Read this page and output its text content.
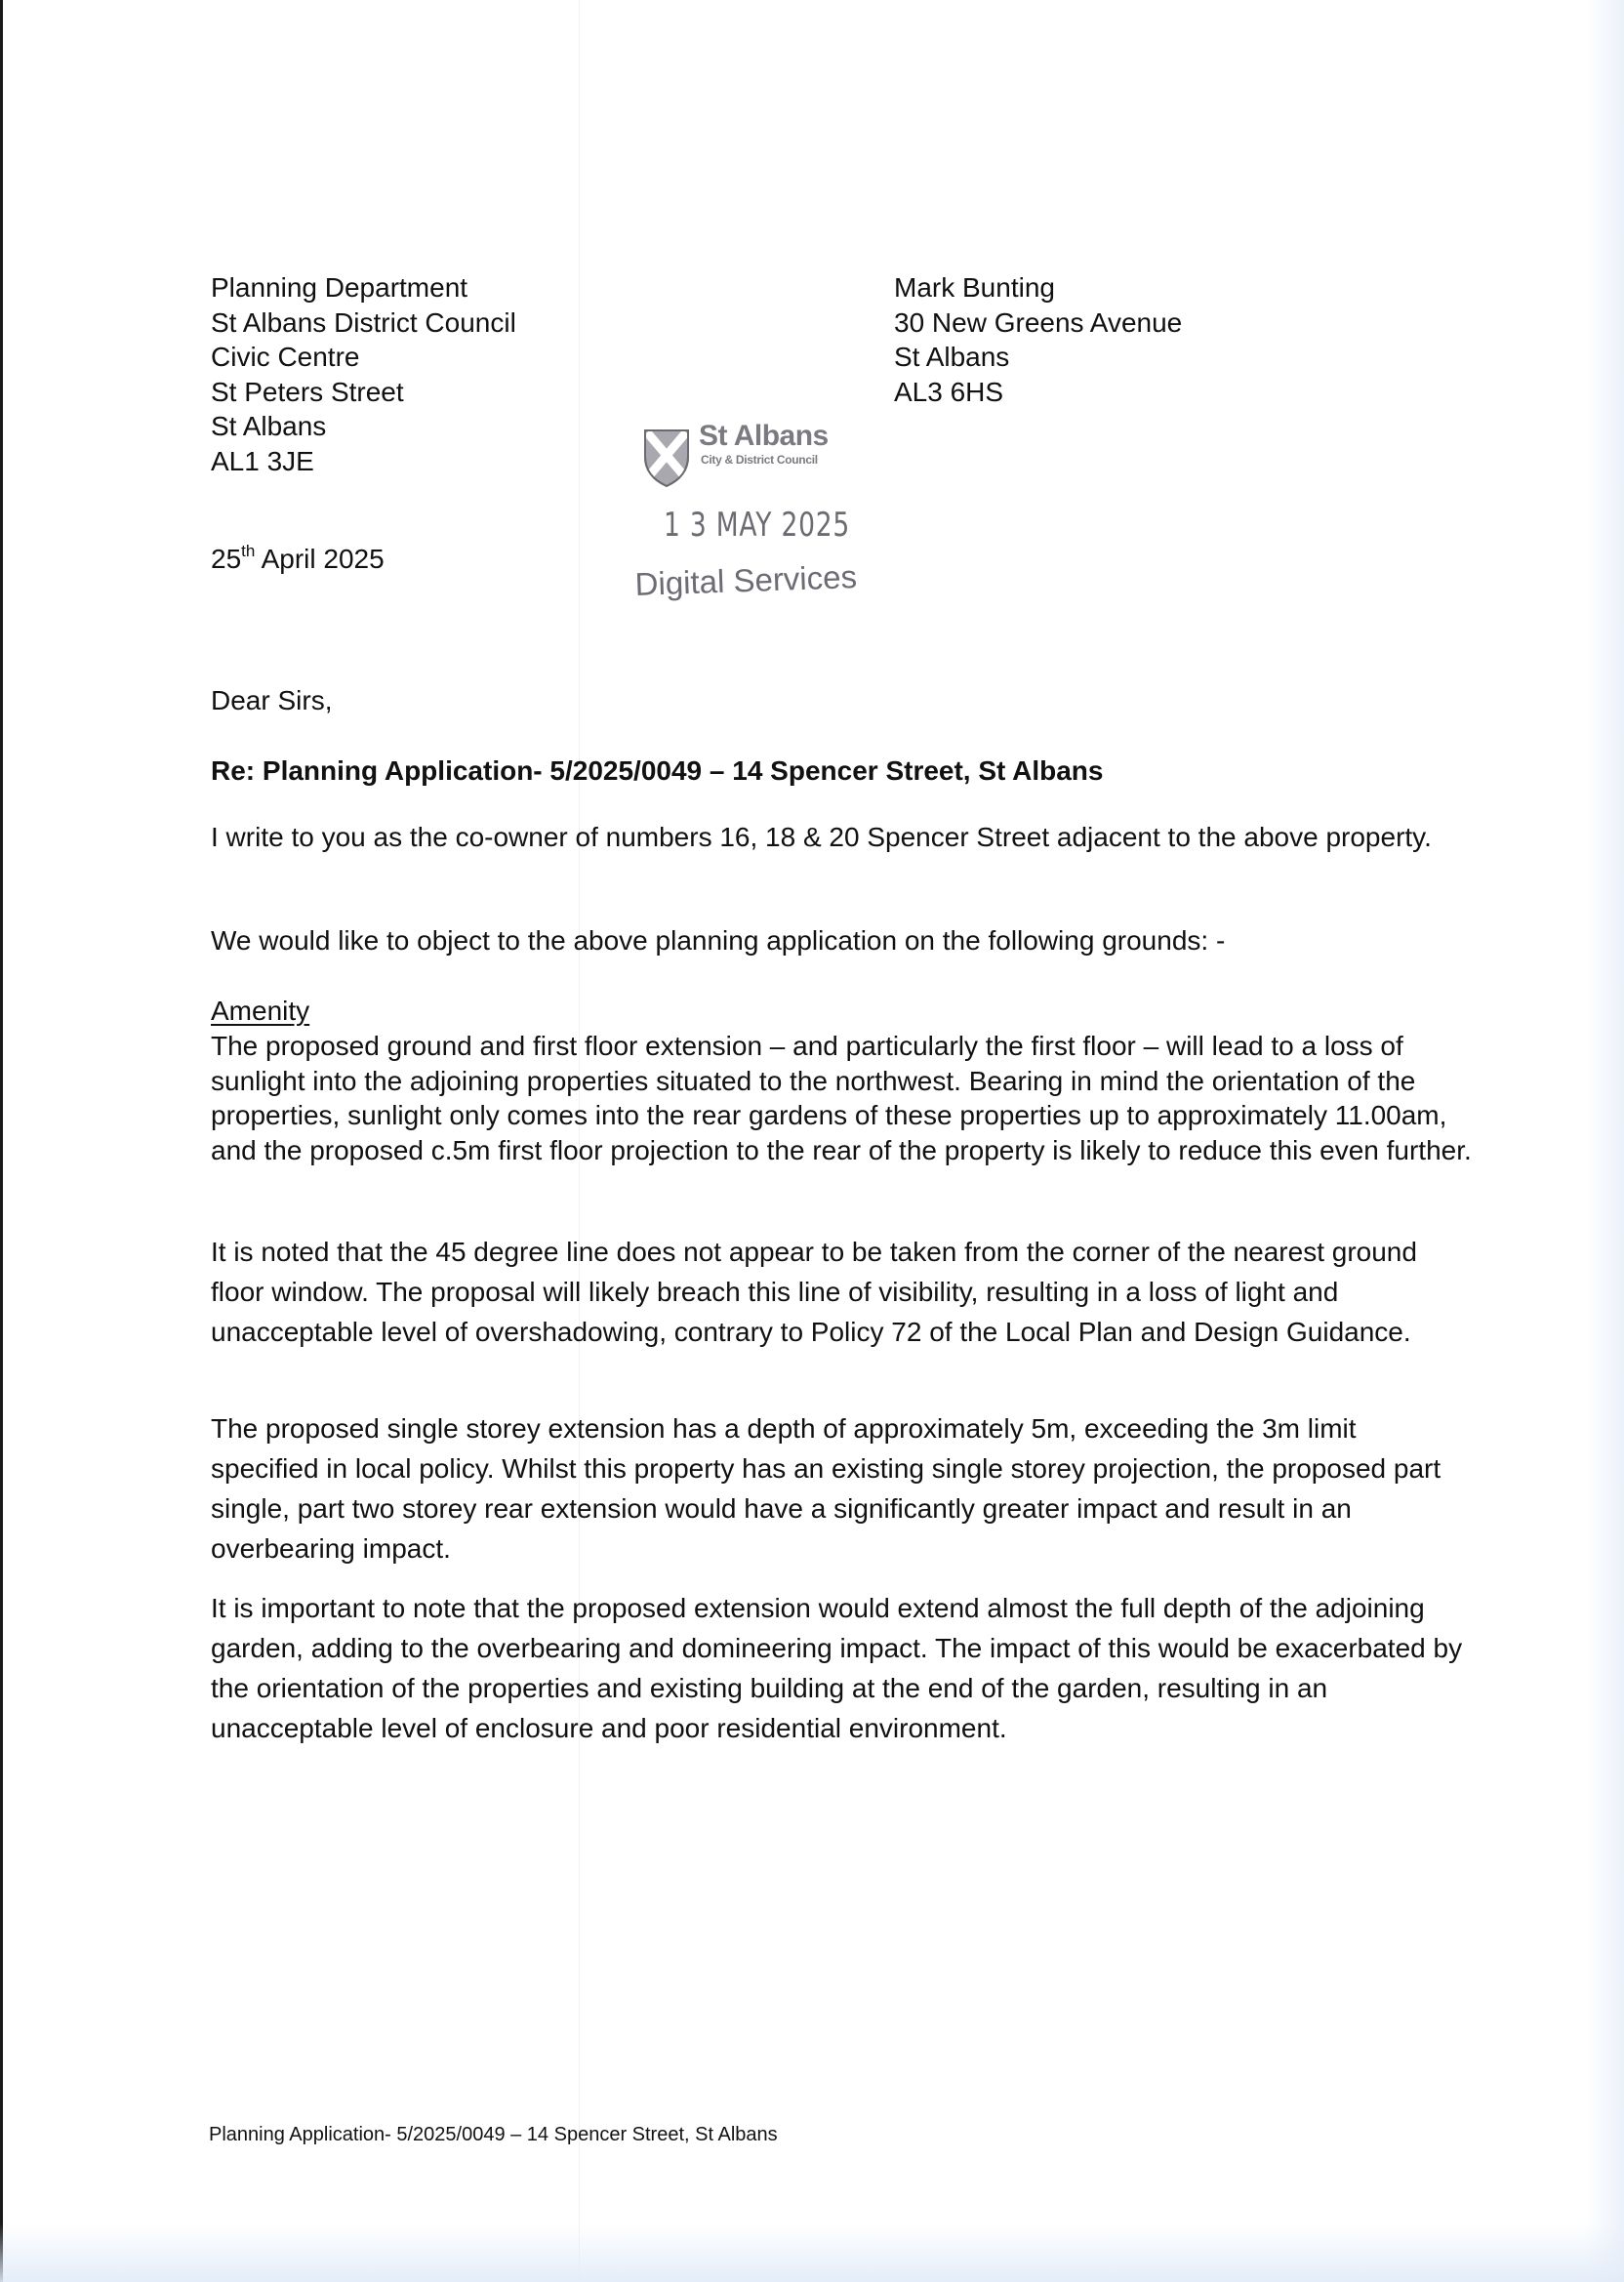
Planning Department
St Albans District Council
Civic Centre
St Peters Street
St Albans
AL1 3JE
Mark Bunting
30 New Greens Avenue
St Albans
AL3 6HS
25th April 2025
St Albans
City & District Council
1 3 MAY 2025
Digital Services
Dear Sirs,
Re: Planning Application- 5/2025/0049 – 14 Spencer Street, St Albans
I write to you as the co-owner of numbers 16, 18 & 20 Spencer Street adjacent to the above property.
We would like to object to the above planning application on the following grounds: -
Amenity
The proposed ground and first floor extension – and particularly the first floor – will lead to a loss of sunlight into the adjoining properties situated to the northwest. Bearing in mind the orientation of the properties, sunlight only comes into the rear gardens of these properties up to approximately 11.00am, and the proposed c.5m first floor projection to the rear of the property is likely to reduce this even further.
It is noted that the 45 degree line does not appear to be taken from the corner of the nearest ground floor window. The proposal will likely breach this line of visibility, resulting in a loss of light and unacceptable level of overshadowing, contrary to Policy 72 of the Local Plan and Design Guidance.
The proposed single storey extension has a depth of approximately 5m, exceeding the 3m limit specified in local policy. Whilst this property has an existing single storey projection, the proposed part single, part two storey rear extension would have a significantly greater impact and result in an overbearing impact.
It is important to note that the proposed extension would extend almost the full depth of the adjoining garden, adding to the overbearing and domineering impact. The impact of this would be exacerbated by the orientation of the properties and existing building at the end of the garden, resulting in an unacceptable level of enclosure and poor residential environment.
Planning Application- 5/2025/0049 – 14 Spencer Street, St Albans
